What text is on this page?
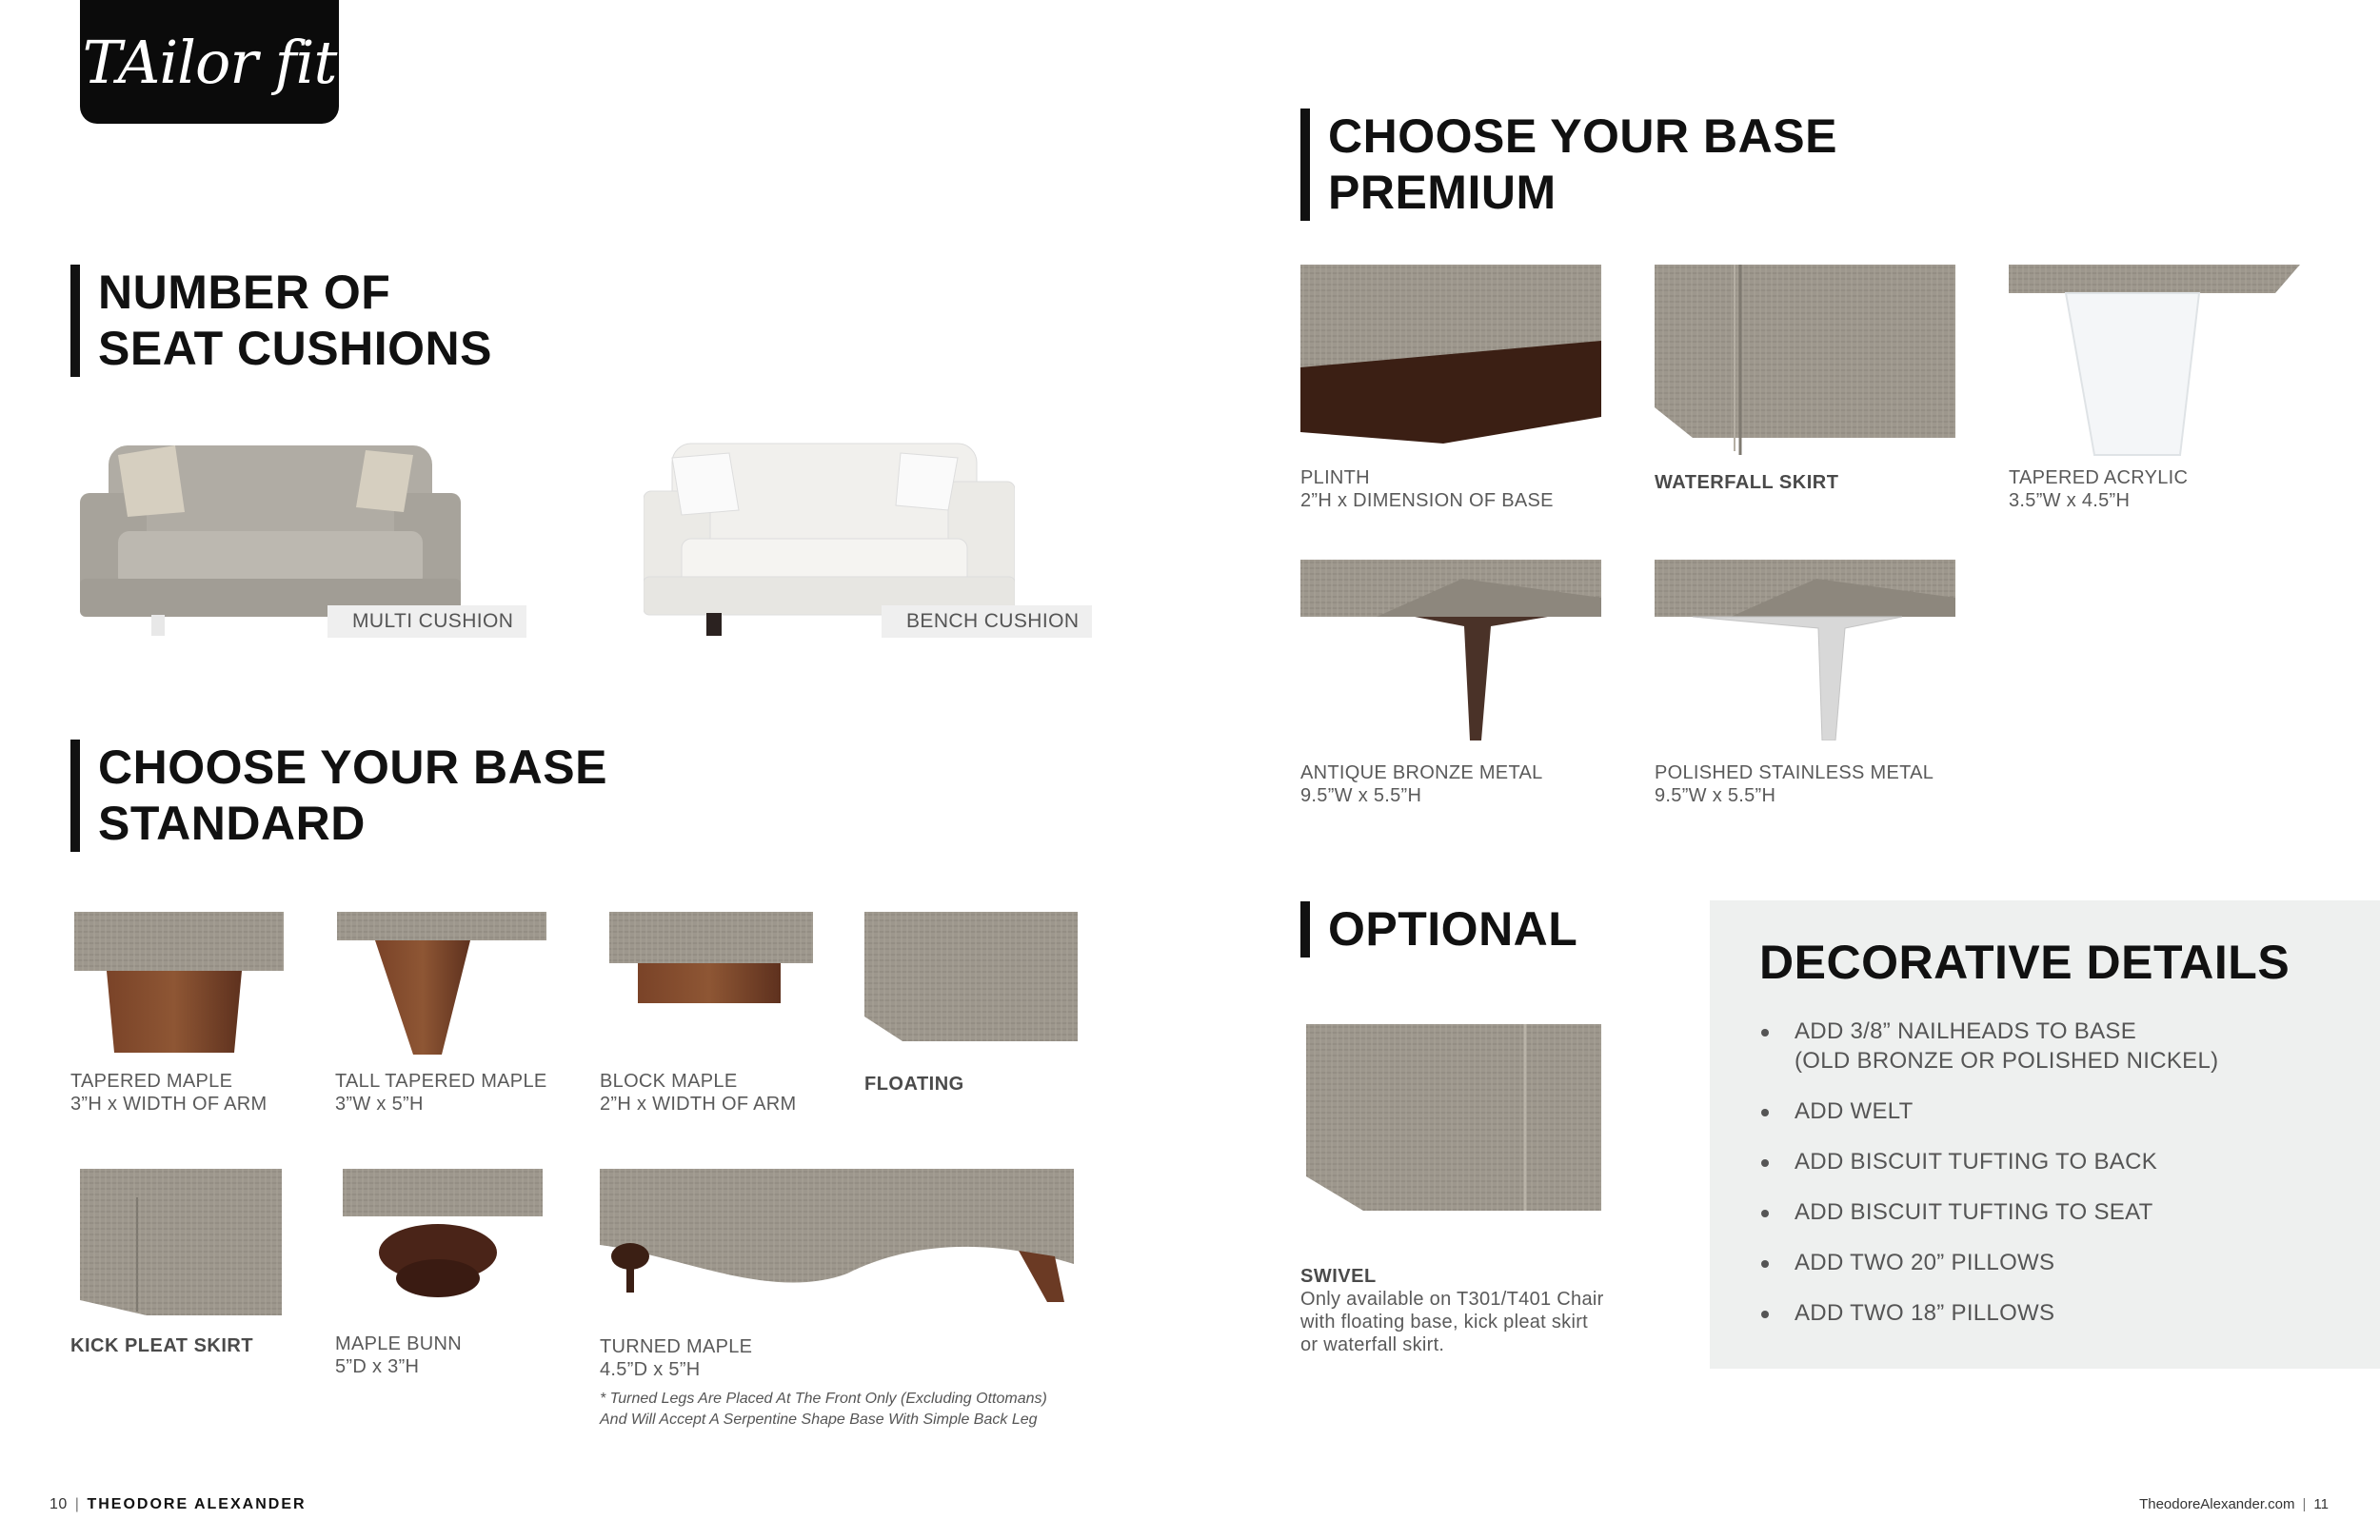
TAilor fit
NUMBER OF
SEAT CUSHIONS
MULTI CUSHION	BENCH CUSHION
CHOOSE YOUR BASE
STANDARD
TAPERED MAPLE
3”H x WIDTH OF ARM
TALL TAPERED MAPLE
3”W x 5”H
BLOCK MAPLE
2”H x WIDTH OF ARM
FLOATING
KICK PLEAT SKIRT	MAPLE BUNN
5”D x 3”H
TURNED MAPLE
4.5”D x 5”H
* Turned Legs Are Placed At The Front Only (Excluding Ottomans)
And Will Accept A Serpentine Shape Base With Simple Back Leg
CHOOSE YOUR BASE
PREMIUM
PLINTH
2”H x DIMENSION OF BASE
WATERFALL SKIRT	TAPERED ACRYLIC
3.5”W x 4.5”H
ANTIQUE BRONZE METAL
9.5”W x 5.5”H
POLISHED STAINLESS METAL
9.5”W x 5.5”H
OPTIONAL
SWIVEL
Only available on T301/T401 Chair
with floating base, kick pleat skirt
or waterfall skirt.
DECORATIVE DETAILS
ADD 3/8” NAILHEADS TO BASE
(OLD BRONZE OR POLISHED NICKEL)
ADD WELT
ADD BISCUIT TUFTING TO BACK
ADD BISCUIT TUFTING TO SEAT
ADD TWO 20” PILLOWS
ADD TWO 18” PILLOWS
10 | THEODORE ALEXANDER	TheodoreAlexander.com | 11
